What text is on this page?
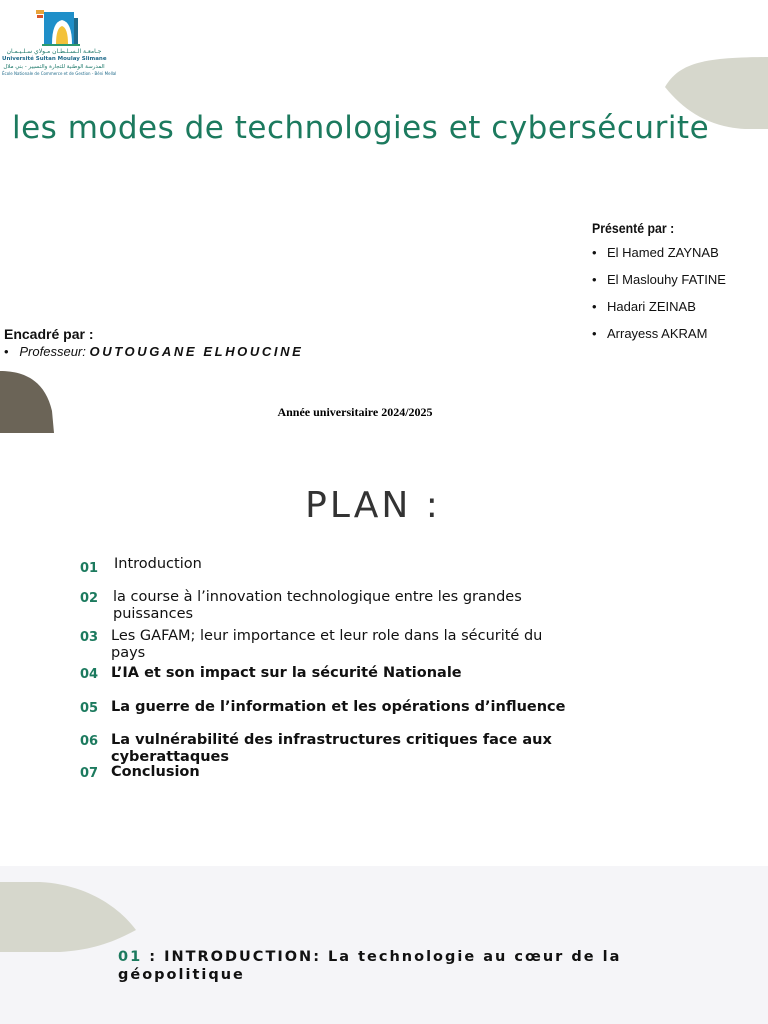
جـامعـة الـسـلـطـان مـولاي سـلـيـمـان
Université Sultan Moulay Slimane
المدرسة الوطنية للتجارة والتسيير - بني ملال
École Nationale de Commerce et de Gestion - Béni Mellal
les modes de technologies et cybersécurite
Présenté par :
• El Hamed ZAYNAB
• El Maslouhy FATINE
• Hadari ZEINAB
• Arrayess AKRAM
Encadré par :
•   Professeur: OUTOUGANE ELHOUCINE
Année universitaire 2024/2025
PLAN :
01 Introduction
02 la course à l’innovation technologique entre les grandes puissances
03 Les GAFAM; leur importance et leur role dans la sécurité du pays
04 L’IA et son impact sur la sécurité Nationale
05 La guerre de l’information et les opérations d’influence
06 La vulnérabilité des infrastructures critiques face aux cyberattaques
07 Conclusion
01 : INTRODUCTION: La technologie au cœur de la géopolitique
